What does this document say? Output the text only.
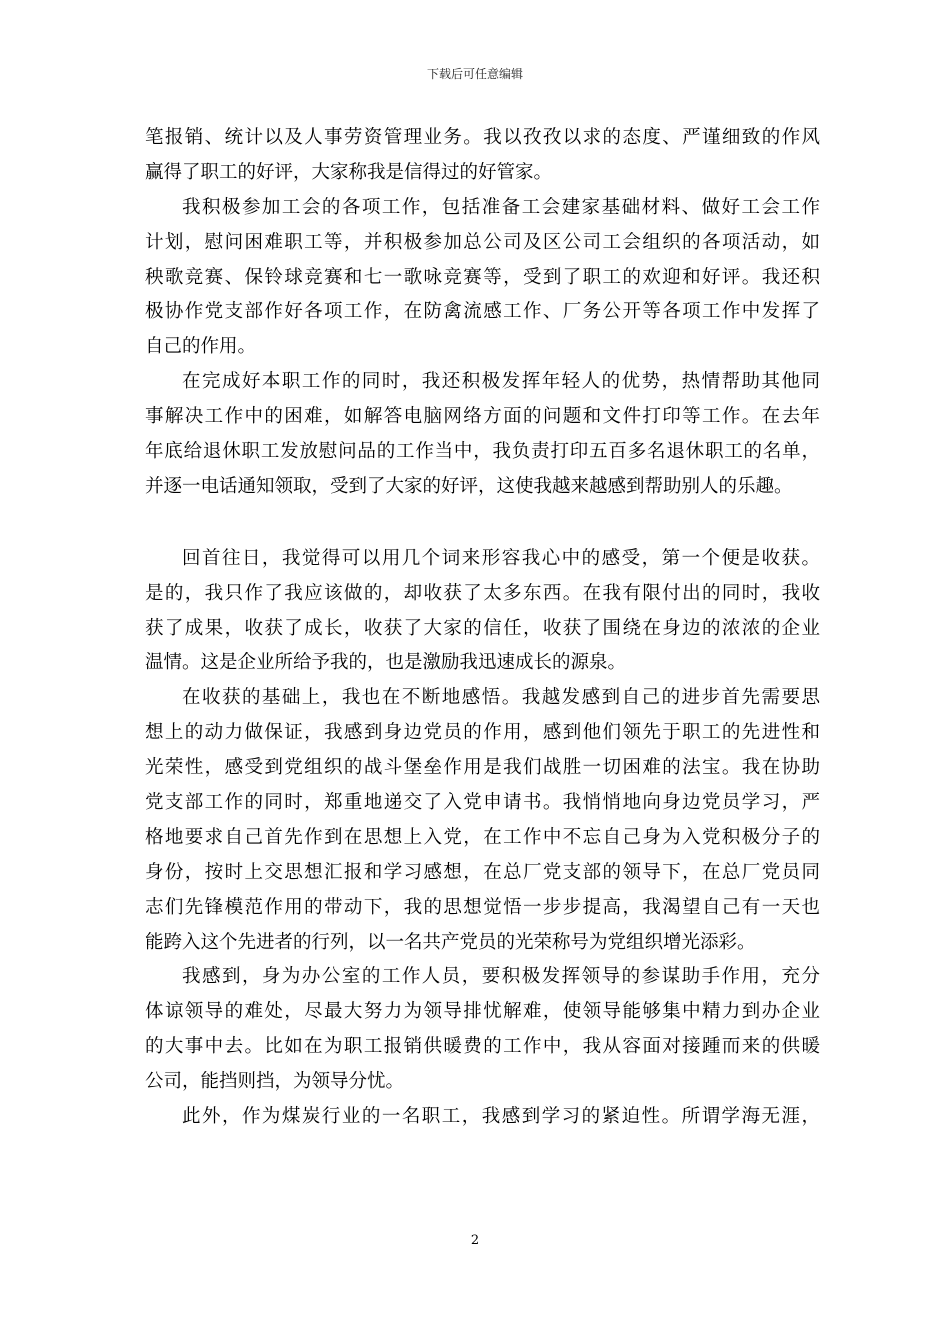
下载后可任意编辑
笔报销、统计以及人事劳资管理业务。我以孜孜以求的态度、严谨细致的作风
赢得了职工的好评，大家称我是信得过的好管家。
我积极参加工会的各项工作，包括准备工会建家基础材料、做好工会工作
计划，慰问困难职工等，并积极参加总公司及区公司工会组织的各项活动，如
秧歌竞赛、保铃球竞赛和七一歌咏竞赛等，受到了职工的欢迎和好评。我还积
极协作党支部作好各项工作，在防禽流感工作、厂务公开等各项工作中发挥了
自己的作用。
在完成好本职工作的同时，我还积极发挥年轻人的优势，热情帮助其他同
事解决工作中的困难，如解答电脑网络方面的问题和文件打印等工作。在去年
年底给退休职工发放慰问品的工作当中，我负责打印五百多名退休职工的名单，
并逐一电话通知领取，受到了大家的好评，这使我越来越感到帮助别人的乐趣。
回首往日，我觉得可以用几个词来形容我心中的感受，第一个便是收获。
是的，我只作了我应该做的，却收获了太多东西。在我有限付出的同时，我收
获了成果，收获了成长，收获了大家的信任，收获了围绕在身边的浓浓的企业
温情。这是企业所给予我的，也是激励我迅速成长的源泉。
在收获的基础上，我也在不断地感悟。我越发感到自己的进步首先需要思
想上的动力做保证，我感到身边党员的作用，感到他们领先于职工的先进性和
光荣性，感受到党组织的战斗堡垒作用是我们战胜一切困难的法宝。我在协助
党支部工作的同时，郑重地递交了入党申请书。我悄悄地向身边党员学习，严
格地要求自己首先作到在思想上入党，在工作中不忘自己身为入党积极分子的
身份，按时上交思想汇报和学习感想，在总厂党支部的领导下，在总厂党员同
志们先锋模范作用的带动下，我的思想觉悟一步步提高，我渴望自己有一天也
能跨入这个先进者的行列，以一名共产党员的光荣称号为党组织增光添彩。
我感到，身为办公室的工作人员，要积极发挥领导的参谋助手作用，充分
体谅领导的难处，尽最大努力为领导排忧解难，使领导能够集中精力到办企业
的大事中去。比如在为职工报销供暖费的工作中，我从容面对接踵而来的供暖
公司，能挡则挡，为领导分忧。
此外，作为煤炭行业的一名职工，我感到学习的紧迫性。所谓学海无涯，
2
